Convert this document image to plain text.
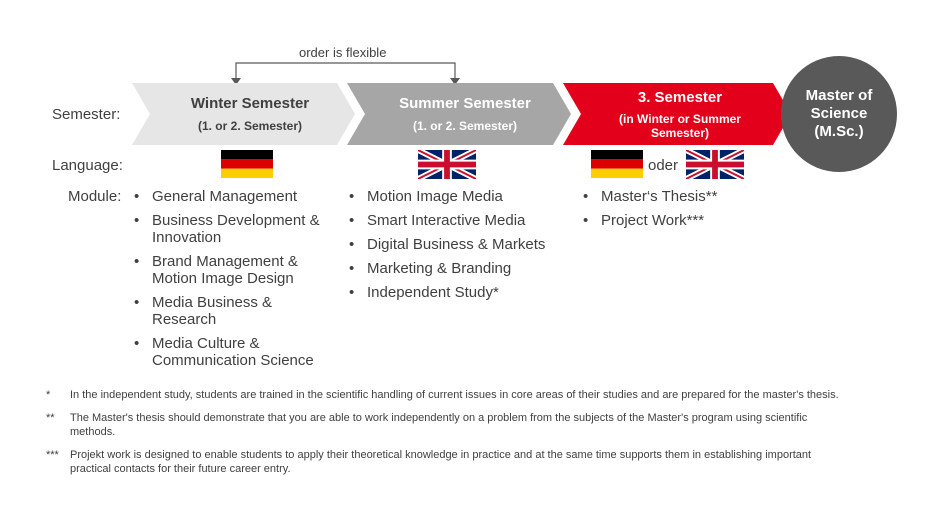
order is flexible
Semester:
Language:
Module:
Winter Semester
(1. or 2. Semester)
Summer Semester
(1. or 2. Semester)
3. Semester
(in Winter or Summer Semester)
Master of Science (M.Sc.)
oder
• General Management
• Business Development & Innovation
• Brand Management & Motion Image Design
• Media Business & Research
• Media Culture & Communication Science
• Motion Image Media
• Smart Interactive Media
• Digital Business & Markets
• Marketing & Branding
• Independent Study*
• Master‘s Thesis**
• Project Work***
*	In the independent study, students are trained in the scientific handling of current issues in core areas of their studies and are prepared for the master's thesis.
**	The Master's thesis should demonstrate that you are able to work independently on a problem from the subjects of the Master's program using scientific methods.
***	Projekt work is designed to enable students to apply their theoretical knowledge in practice and at the same time supports them in establishing important practical contacts for their future career entry.
